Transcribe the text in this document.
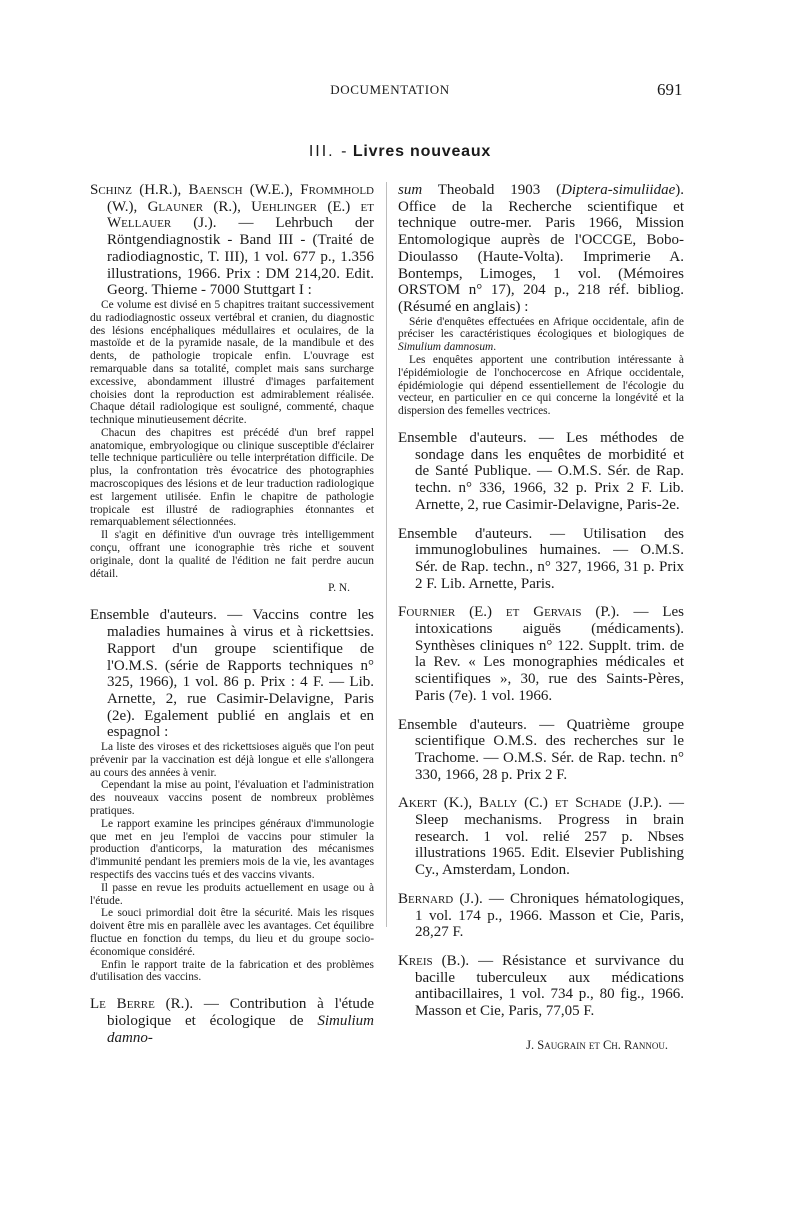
DOCUMENTATION	691
III. - Livres nouveaux

Schinz (H.R.), Baensch (W.E.), Frommhold (W.), Glauner (R.), Uehlinger (E.) et Wellauer (J.). — Lehrbuch der Röntgendiagnostik - Band III - (Traité de radiodiagnostic, T. III), 1 vol. 677 p., 1.356 illustrations, 1966. Prix : DM 214,20. Edit. Georg. Thieme - 7000 Stuttgart I :

Ce volume est divisé en 5 chapitres traitant successivement du radiodiagnostic osseux vertébral et cranien, du diagnostic des lésions encéphaliques médullaires et oculaires, de la mastoïde et de la pyramide nasale, de la mandibule et des dents, de pathologie tropicale enfin. L'ouvrage est remarquable dans sa totalité, complet mais sans surcharge excessive, abondamment illustré d'images parfaitement choisies dont la reproduction est admirablement réalisée. Chaque détail radiologique est souligné, commenté, chaque technique minutieusement décrite.

Chacun des chapitres est précédé d'un bref rappel anatomique, embryologique ou clinique susceptible d'éclairer telle technique particulière ou telle interprétation difficile. De plus, la confrontation très évocatrice des photographies macroscopiques des lésions et de leur traduction radiologique est largement utilisée. Enfin le chapitre de pathologie tropicale est illustré de radiographies étonnantes et remarquablement sélectionnées.

Il s'agit en définitive d'un ouvrage très intelligemment conçu, offrant une iconographie très riche et souvent originale, dont la qualité de l'édition ne fait perdre aucun détail.

P. N.

Ensemble d'auteurs. — Vaccins contre les maladies humaines à virus et à rickettsies. Rapport d'un groupe scientifique de l'O.M.S. (série de Rapports techniques n° 325, 1966), 1 vol. 86 p. Prix : 4 F. — Lib. Arnette, 2, rue Casimir-Delavigne, Paris (2e). Egalement publié en anglais et en espagnol :

La liste des viroses et des rickettsioses aiguës que l'on peut prévenir par la vaccination est déjà longue et elle s'allongera au cours des années à venir.

Cependant la mise au point, l'évaluation et l'administration des nouveaux vaccins posent de nombreux problèmes pratiques.

Le rapport examine les principes généraux d'immunologie que met en jeu l'emploi de vaccins pour stimuler la production d'anticorps, la maturation des mécanismes d'immunité pendant les premiers mois de la vie, les avantages respectifs des vaccins tués et des vaccins vivants.

Il passe en revue les produits actuellement en usage ou à l'étude.

Le souci primordial doit être la sécurité. Mais les risques doivent être mis en parallèle avec les avantages. Cet équilibre fluctue en fonction du temps, du lieu et du groupe socio-économique considéré.

Enfin le rapport traite de la fabrication et des problèmes d'utilisation des vaccins.

Le Berre (R.). — Contribution à l'étude biologique et écologique de Simulium damno-

sum Theobald 1903 (Diptera-simuliidae). Office de la Recherche scientifique et technique outre-mer. Paris 1966, Mission Entomologique auprès de l'OCCGE, Bobo-Dioulasso (Haute-Volta). Imprimerie A. Bontemps, Limoges, 1 vol. (Mémoires ORSTOM n° 17), 204 p., 218 réf. bibliog. (Résumé en anglais) :

Série d'enquêtes effectuées en Afrique occidentale, afin de préciser les caractéristiques écologiques et biologiques de Simulium damnosum.

Les enquêtes apportent une contribution intéressante à l'épidémiologie de l'onchocercose en Afrique occidentale, épidémiologie qui dépend essentiellement de l'écologie du vecteur, en particulier en ce qui concerne la longévité et la dispersion des femelles vectrices.

Ensemble d'auteurs. — Les méthodes de sondage dans les enquêtes de morbidité et de Santé Publique. — O.M.S. Sér. de Rap. techn. n° 336, 1966, 32 p. Prix 2 F. Lib. Arnette, 2, rue Casimir-Delavigne, Paris-2e.

Ensemble d'auteurs. — Utilisation des immunoglobulines humaines. — O.M.S. Sér. de Rap. techn., n° 327, 1966, 31 p. Prix 2 F. Lib. Arnette, Paris.

Fournier (E.) et Gervais (P.). — Les intoxications aiguës (médicaments). Synthèses cliniques n° 122. Supplt. trim. de la Rev. « Les monographies médicales et scientifiques », 30, rue des Saints-Pères, Paris (7e). 1 vol. 1966.

Ensemble d'auteurs. — Quatrième groupe scientifique O.M.S. des recherches sur le Trachome. — O.M.S. Sér. de Rap. techn. n° 330, 1966, 28 p. Prix 2 F.

Akert (K.), Bally (C.) et Schade (J.P.). — Sleep mechanisms. Progress in brain research. 1 vol. relié 257 p. Nbses illustrations 1965. Edit. Elsevier Publishing Cy., Amsterdam, London.

Bernard (J.). — Chroniques hématologiques, 1 vol. 174 p., 1966. Masson et Cie, Paris, 28,27 F.

Kreis (B.). — Résistance et survivance du bacille tuberculeux aux médications antibacillaires, 1 vol. 734 p., 80 fig., 1966. Masson et Cie, Paris, 77,05 F.

J. Saugrain et Ch. Rannou.
